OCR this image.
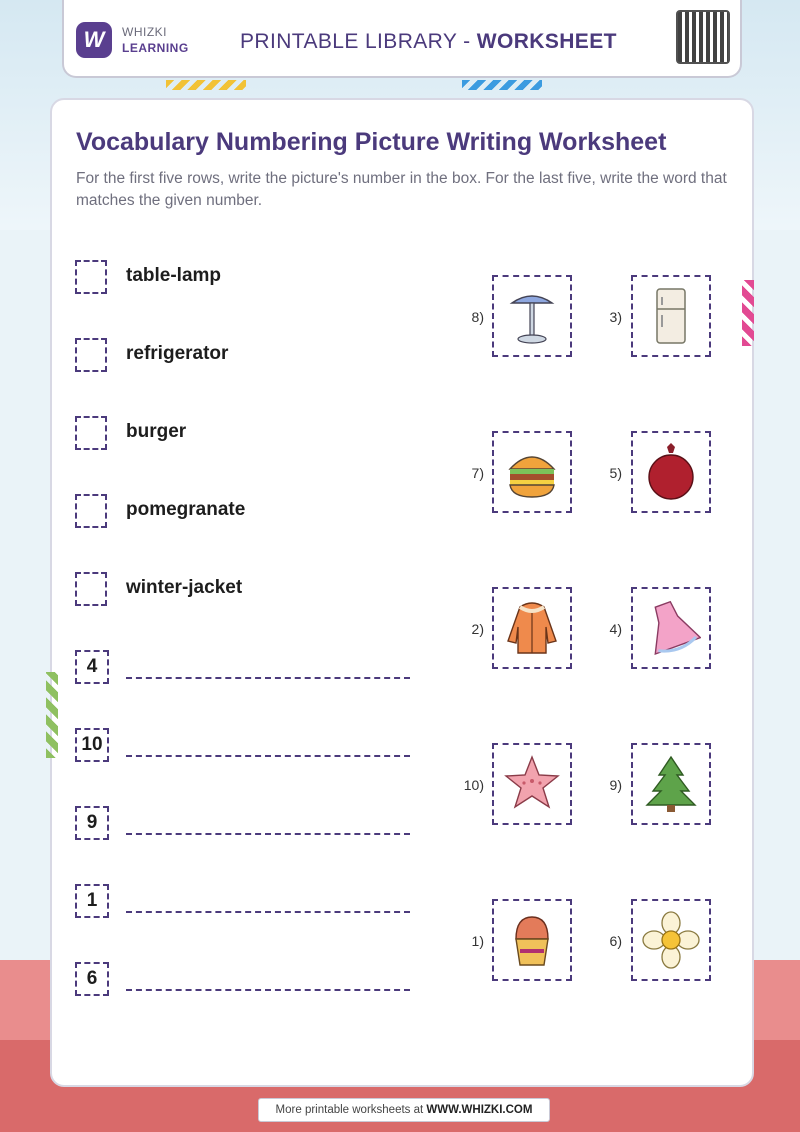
W	WHIZKI
LEARNING PRINTABLE LIBRARY - WORKSHEET
Vocabulary Numbering Picture Writing Worksheet
For the first five rows, write the picture's number in the box. For the last five, write the word that matches the given number.
table-lamp
refrigerator
burger
pomegranate
winter-jacket
4
10
9
1
6
8)	3)
7)	5)
2)	4)
10)	9)
1)	6)
More printable worksheets at WWW.WHIZKI.COM
